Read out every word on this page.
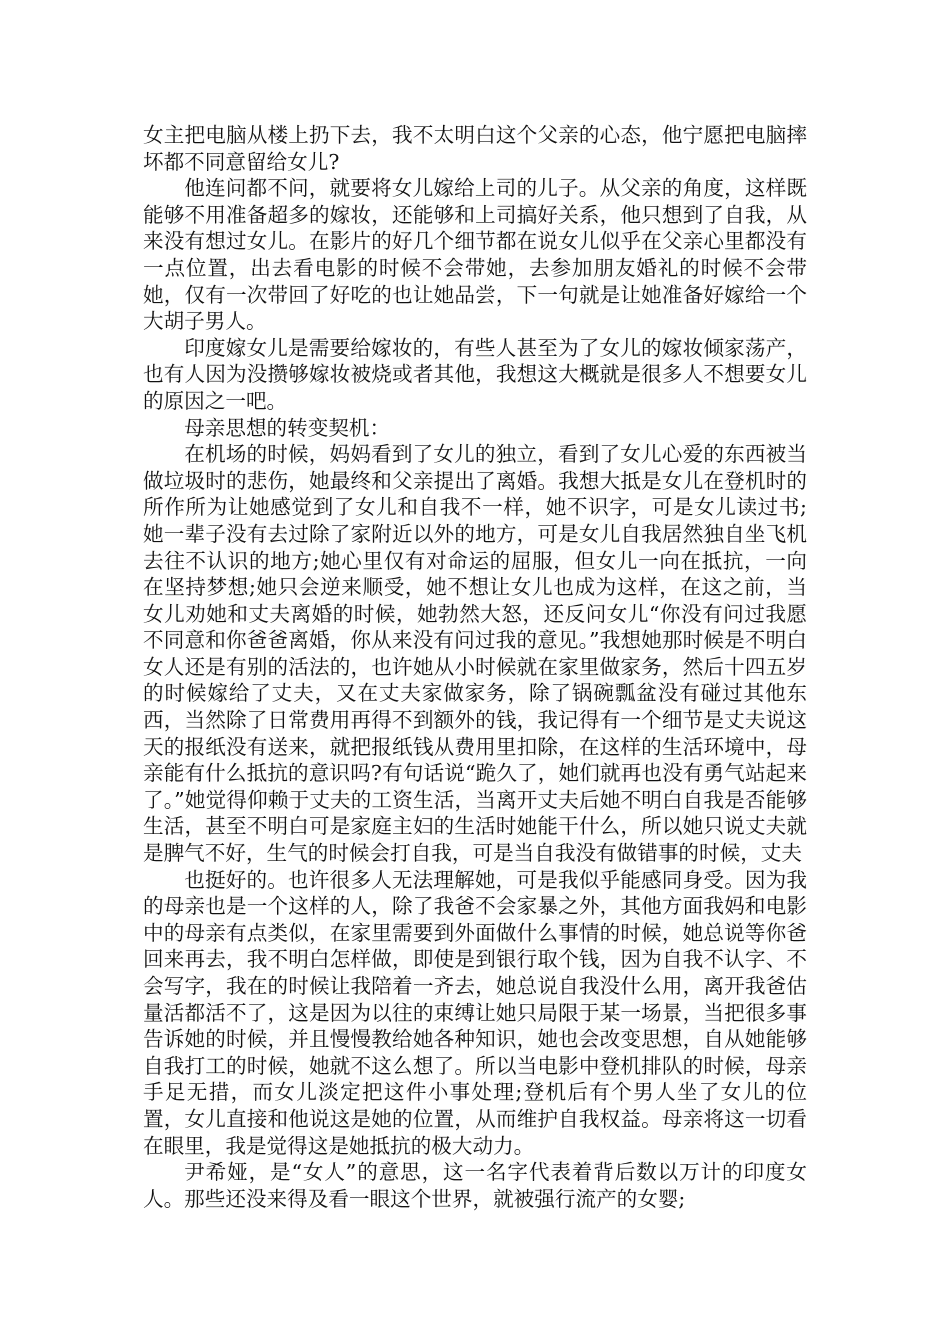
女主把电脑从楼上扔下去，我不太明白这个父亲的心态，他宁愿把电脑摔坏都不同意留给女儿?

他连问都不问，就要将女儿嫁给上司的儿子。从父亲的角度，这样既能够不用准备超多的嫁妆，还能够和上司搞好关系，他只想到了自我，从来没有想过女儿。在影片的好几个细节都在说女儿似乎在父亲心里都没有一点位置，出去看电影的时候不会带她，去参加朋友婚礼的时候不会带她，仅有一次带回了好吃的也让她品尝，下一句就是让她准备好嫁给一个大胡子男人。

印度嫁女儿是需要给嫁妆的，有些人甚至为了女儿的嫁妆倾家荡产，也有人因为没攒够嫁妆被烧或者其他，我想这大概就是很多人不想要女儿的原因之一吧。

母亲思想的转变契机：

在机场的时候，妈妈看到了女儿的独立，看到了女儿心爱的东西被当做垃圾时的悲伤，她最终和父亲提出了离婚。我想大抵是女儿在登机时的所作所为让她感觉到了女儿和自我不一样，她不识字，可是女儿读过书;她一辈子没有去过除了家附近以外的地方，可是女儿自我居然独自坐飞机去往不认识的地方;她心里仅有对命运的屈服，但女儿一向在抵抗，一向在坚持梦想;她只会逆来顺受，她不想让女儿也成为这样，在这之前，当女儿劝她和丈夫离婚的时候，她勃然大怒，还反问女儿“你没有问过我愿不同意和你爸爸离婚，你从来没有问过我的意见。”我想她那时候是不明白女人还是有别的活法的，也许她从小时候就在家里做家务，然后十四五岁的时候嫁给了丈夫，又在丈夫家做家务，除了锅碗瓢盆没有碰过其他东西，当然除了日常费用再得不到额外的钱，我记得有一个细节是丈夫说这天的报纸没有送来，就把报纸钱从费用里扣除，在这样的生活环境中，母亲能有什么抵抗的意识吗?有句话说“跪久了，她们就再也没有勇气站起来了。”她觉得仰赖于丈夫的工资生活，当离开丈夫后她不明白自我是否能够生活，甚至不明白可是家庭主妇的生活时她能干什么，所以她只说丈夫就是脾气不好，生气的时候会打自我，可是当自我没有做错事的时候，丈夫

也挺好的。也许很多人无法理解她，可是我似乎能感同身受。因为我的母亲也是一个这样的人，除了我爸不会家暴之外，其他方面我妈和电影中的母亲有点类似，在家里需要到外面做什么事情的时候，她总说等你爸回来再去，我不明白怎样做，即使是到银行取个钱，因为自我不认字、不会写字，我在的时候让我陪着一齐去，她总说自我没什么用，离开我爸估量活都活不了，这是因为以往的束缚让她只局限于某一场景，当把很多事告诉她的时候，并且慢慢教给她各种知识，她也会改变思想，自从她能够自我打工的时候，她就不这么想了。所以当电影中登机排队的时候，母亲手足无措，而女儿淡定把这件小事处理;登机后有个男人坐了女儿的位置，女儿直接和他说这是她的位置，从而维护自我权益。母亲将这一切看在眼里，我是觉得这是她抵抗的极大动力。

尹希娅，是“女人”的意思，这一名字代表着背后数以万计的印度女人。那些还没来得及看一眼这个世界，就被强行流产的女婴;
